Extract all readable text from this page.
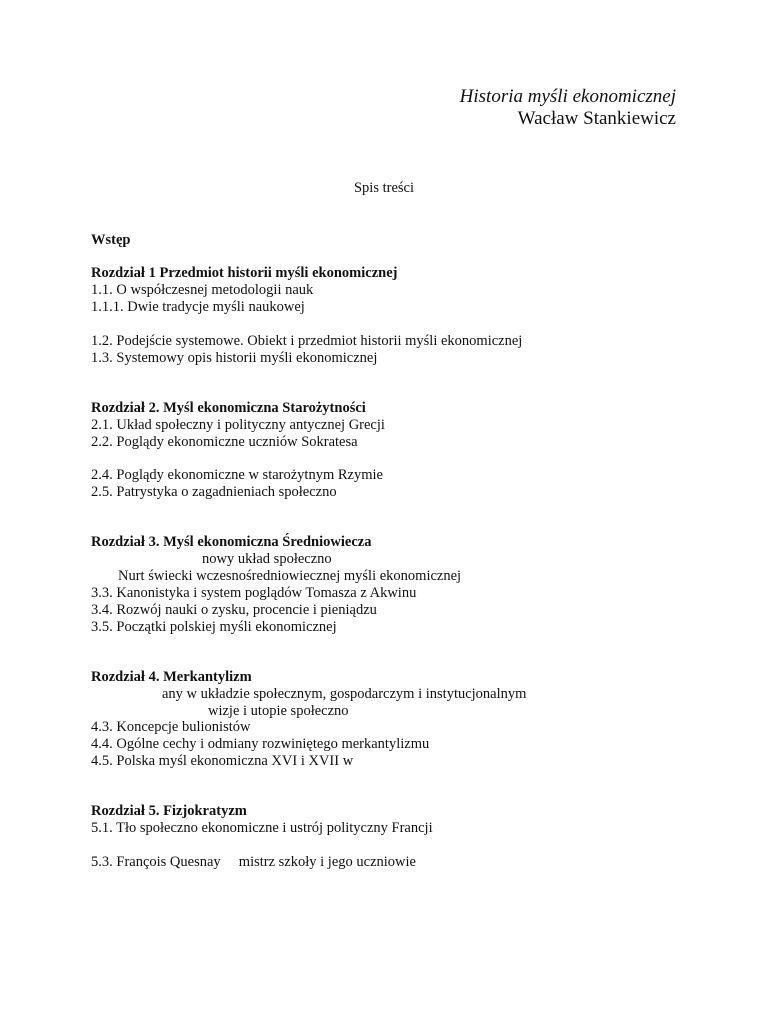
Historia myśli ekonomicznej
Wacław Stankiewicz
Spis treści
Wstęp
Rozdział 1 Przedmiot historii myśli ekonomicznej
1.1. O współczesnej metodologii nauk
1.1.1. Dwie tradycje myśli naukowej
1.2. Podejście systemowe. Obiekt i przedmiot historii myśli ekonomicznej
1.3. Systemowy opis historii myśli ekonomicznej
Rozdział 2. Myśl ekonomiczna Starożytności
2.1. Układ społeczny i polityczny antycznej Grecji
2.2. Poglądy ekonomiczne uczniów Sokratesa
2.4. Poglądy ekonomiczne w starożytnym Rzymie
2.5. Patrystyka o zagadnieniach społeczno
Rozdział 3. Myśl ekonomiczna Średniowiecza
nowy układ społeczno
Nurt świecki wczesnośredniowiecznej myśli ekonomicznej
3.3. Kanonistyka i system poglądów Tomasza z Akwinu
3.4. Rozwój nauki o zysku, procencie i pieniądzu
3.5. Początki polskiej myśli ekonomicznej
Rozdział 4. Merkantylizm
any w układzie społecznym, gospodarczym i instytucjonalnym
wizje i utopie społeczno
4.3. Koncepcje bulionistów
4.4. Ogólne cechy i odmiany rozwiniętego merkantylizmu
4.5. Polska myśl ekonomiczna XVI i XVII w
Rozdział 5. Fizjokratyzm
5.1. Tło społeczno ekonomiczne i ustrój polityczny Francji
5.3. François Quesnay     mistrz szkoły i jego uczniowie
